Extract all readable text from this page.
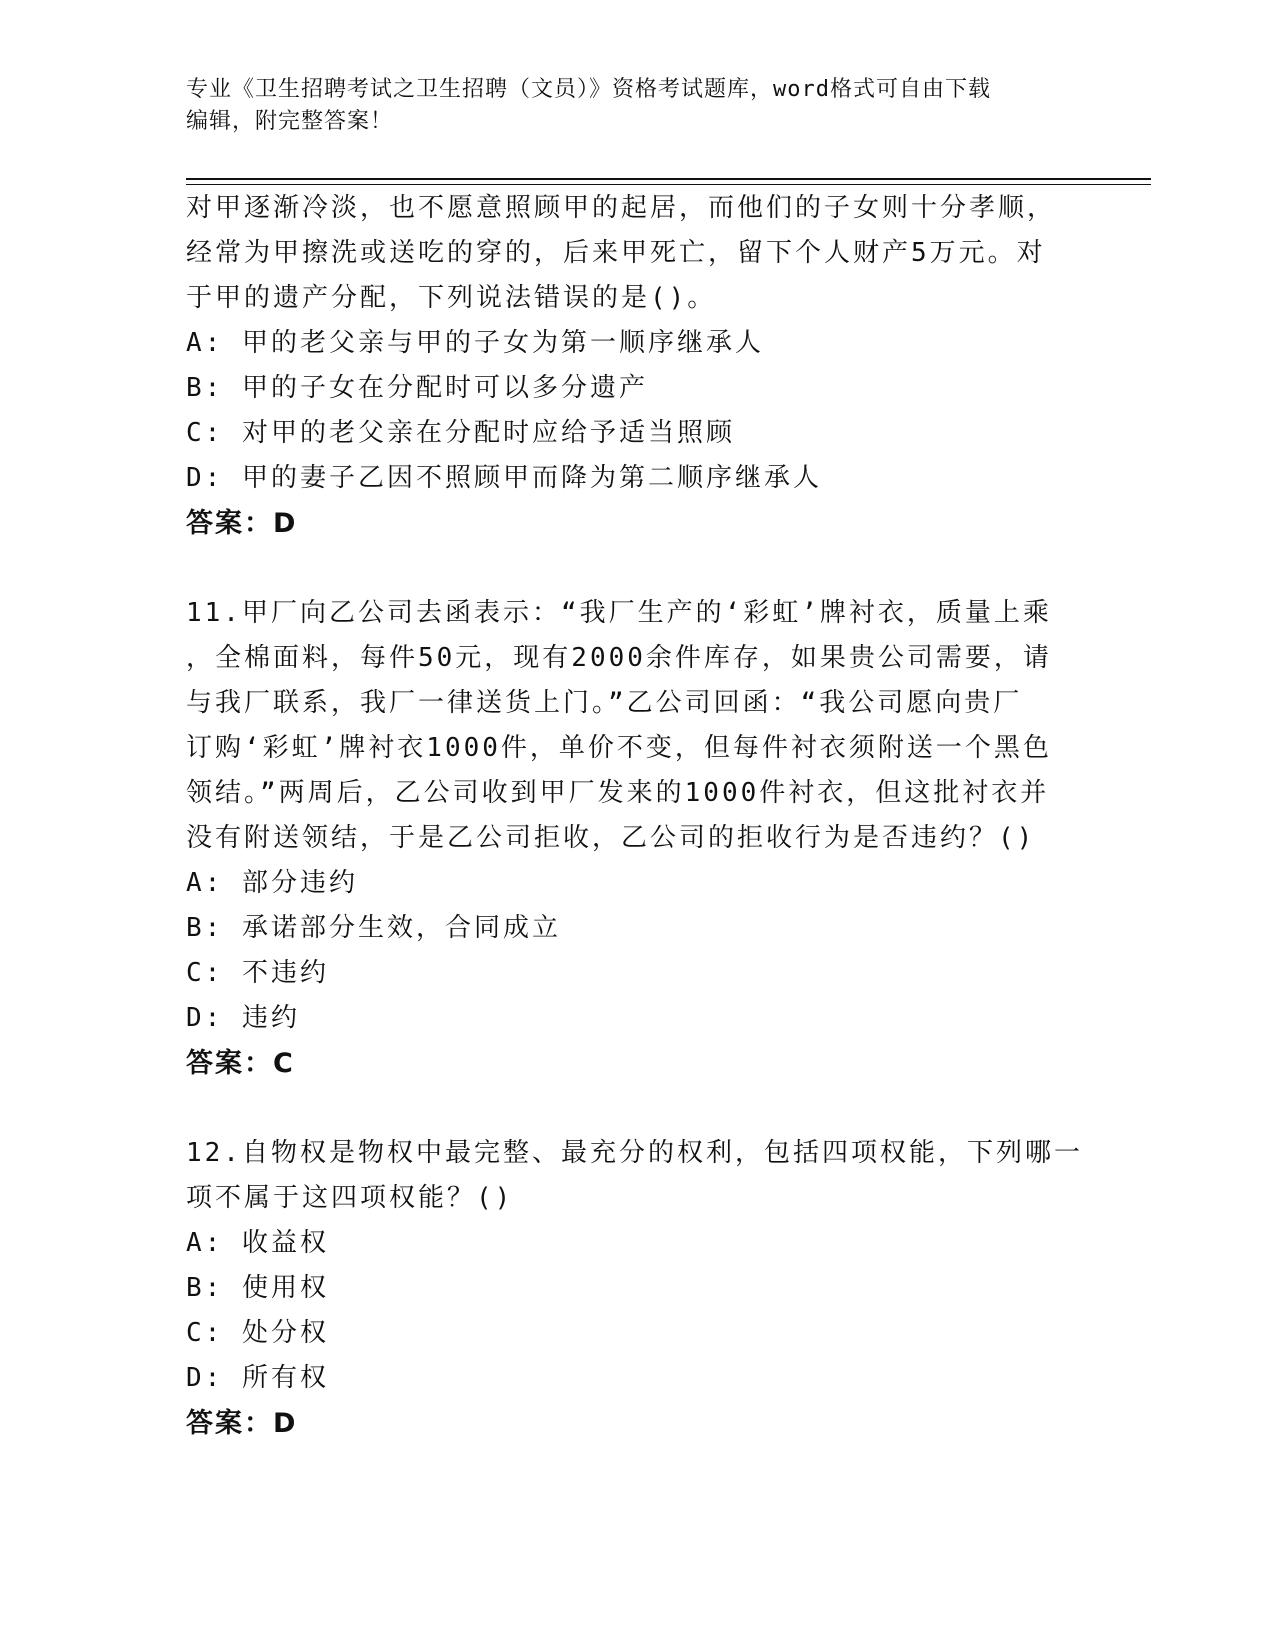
专业《卫生招聘考试之卫生招聘（文员）》资格考试题库，word格式可自由下载
编辑，附完整答案！
对甲逐渐冷淡，也不愿意照顾甲的起居，而他们的子女则十分孝顺，
经常为甲擦洗或送吃的穿的，后来甲死亡，留下个人财产5万元。对
于甲的遗产分配，下列说法错误的是()。
A: 甲的老父亲与甲的子女为第一顺序继承人
B: 甲的子女在分配时可以多分遗产
C: 对甲的老父亲在分配时应给予适当照顾
D: 甲的妻子乙因不照顾甲而降为第二顺序继承人
答案：D
11.甲厂向乙公司去函表示：“我厂生产的‘彩虹’牌衬衣，质量上乘
，全棉面料，每件50元，现有2000余件库存，如果贵公司需要，请
与我厂联系，我厂一律送货上门。”乙公司回函：“我公司愿向贵厂
订购‘彩虹’牌衬衣1000件，单价不变，但每件衬衣须附送一个黑色
领结。”两周后，乙公司收到甲厂发来的1000件衬衣，但这批衬衣并
没有附送领结，于是乙公司拒收，乙公司的拒收行为是否违约？()
A: 部分违约
B: 承诺部分生效，合同成立
C: 不违约
D: 违约
答案：C
12.自物权是物权中最完整、最充分的权利，包括四项权能，下列哪一
项不属于这四项权能？()
A: 收益权
B: 使用权
C: 处分权
D: 所有权
答案：D
